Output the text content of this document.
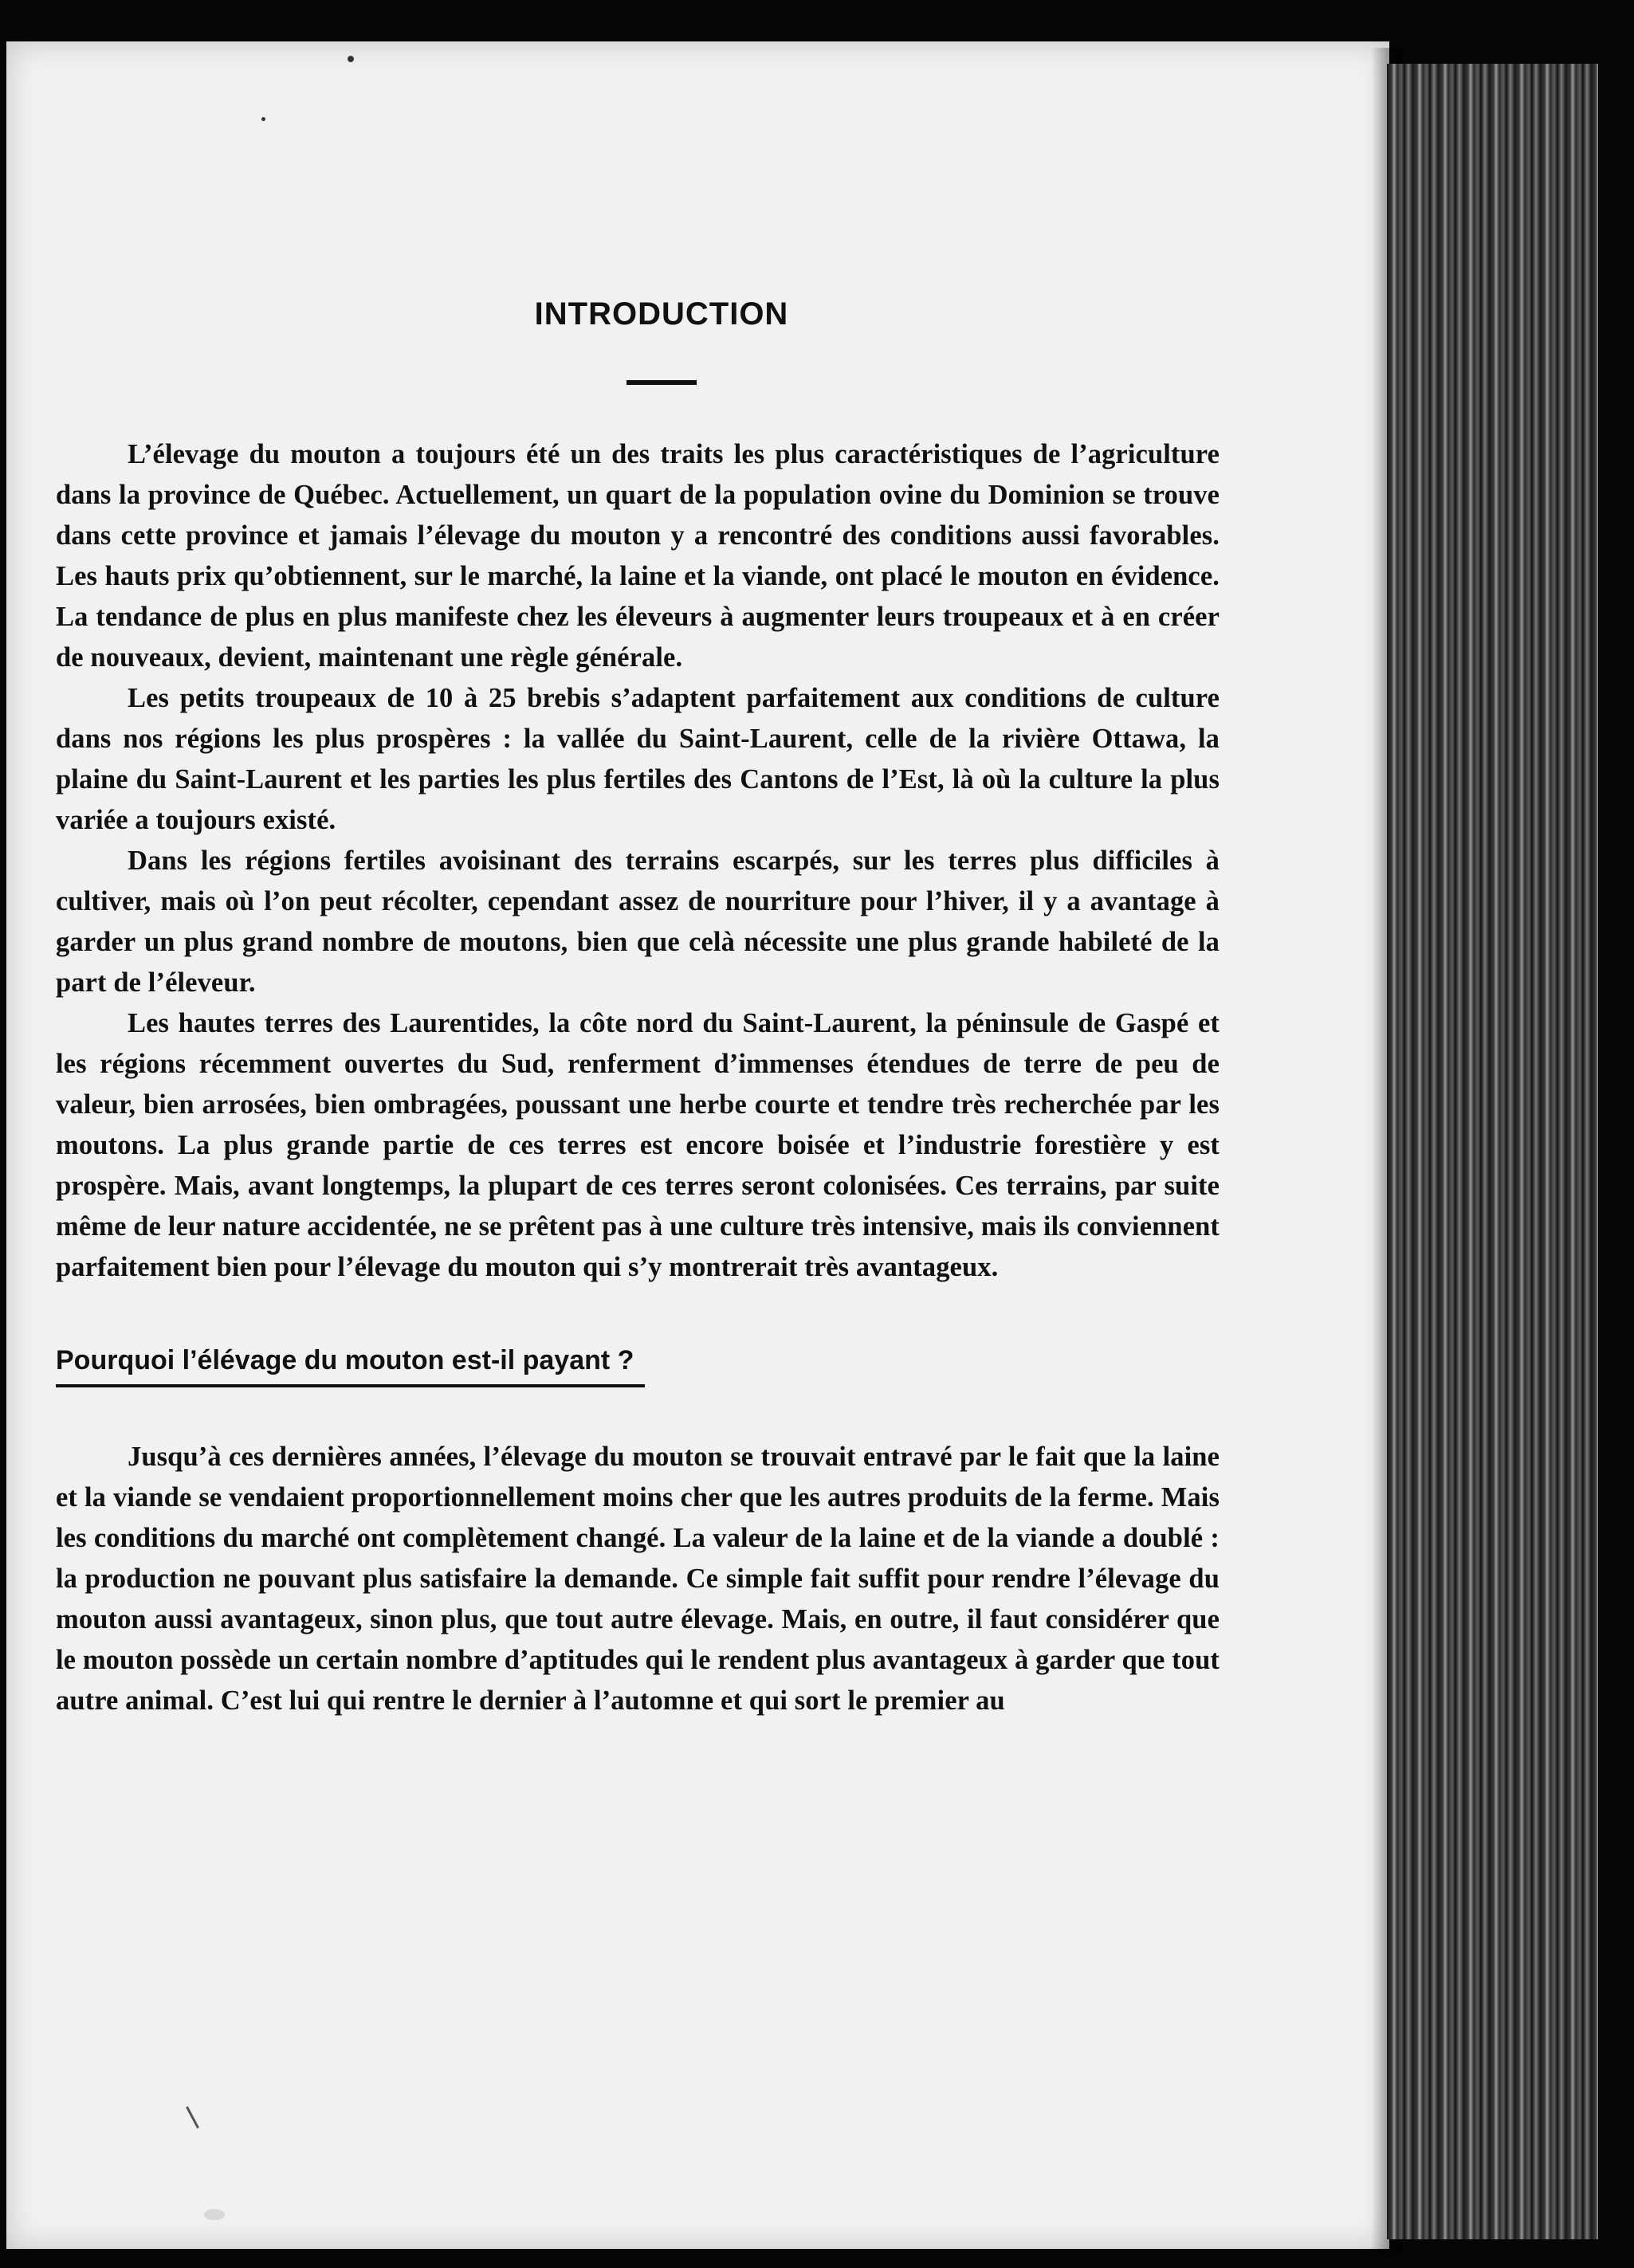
INTRODUCTION

L’élevage du mouton a toujours été un des traits les plus caractéristiques de l’agriculture dans la province de Québec. Actuellement, un quart de la population ovine du Dominion se trouve dans cette province et jamais l’élevage du mouton y a rencontré des conditions aussi favorables. Les hauts prix qu’obtiennent, sur le marché, la laine et la viande, ont placé le mouton en évidence. La tendance de plus en plus manifeste chez les éleveurs à augmenter leurs troupeaux et à en créer de nouveaux, devient, maintenant une règle générale.

Les petits troupeaux de 10 à 25 brebis s’adaptent parfaitement aux conditions de culture dans nos régions les plus prospères : la vallée du Saint-Laurent, celle de la rivière Ottawa, la plaine du Saint-Laurent et les parties les plus fertiles des Cantons de l’Est, là où la culture la plus variée a toujours existé.

Dans les régions fertiles avoisinant des terrains escarpés, sur les terres plus difficiles à cultiver, mais où l’on peut récolter, cependant assez de nourriture pour l’hiver, il y a avantage à garder un plus grand nombre de moutons, bien que celà nécessite une plus grande habileté de la part de l’éleveur.

Les hautes terres des Laurentides, la côte nord du Saint-Laurent, la péninsule de Gaspé et les régions récemment ouvertes du Sud, renferment d’immenses étendues de terre de peu de valeur, bien arrosées, bien ombragées, poussant une herbe courte et tendre très recherchée par les moutons. La plus grande partie de ces terres est encore boisée et l’industrie forestière y est prospère. Mais, avant longtemps, la plupart de ces terres seront colonisées. Ces terrains, par suite même de leur nature accidentée, ne se prêtent pas à une culture très intensive, mais ils conviennent parfaitement bien pour l’élevage du mouton qui s’y montrerait très avantageux.

Pourquoi l’élévage du mouton est-il payant ?

Jusqu’à ces dernières années, l’élevage du mouton se trouvait entravé par le fait que la laine et la viande se vendaient proportionnellement moins cher que les autres produits de la ferme. Mais les conditions du marché ont complètement changé. La valeur de la laine et de la viande a doublé : la production ne pouvant plus satisfaire la demande. Ce simple fait suffit pour rendre l’élevage du mouton aussi avantageux, sinon plus, que tout autre élevage. Mais, en outre, il faut considérer que le mouton possède un certain nombre d’aptitudes qui le rendent plus avantageux à garder que tout autre animal. C’est lui qui rentre le dernier à l’automne et qui sort le premier au
